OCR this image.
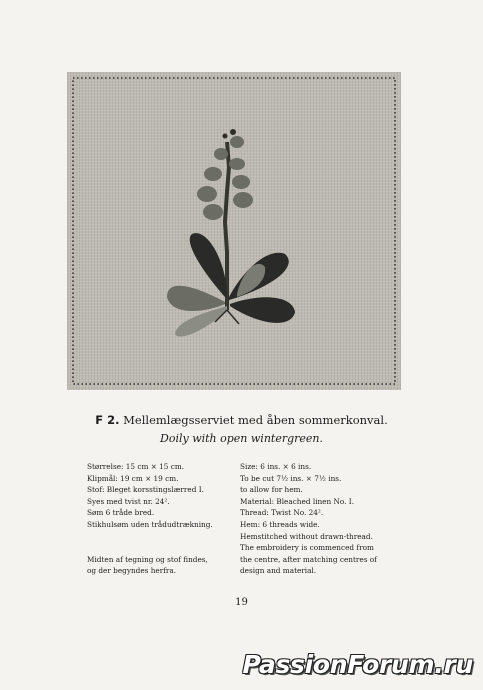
F 2. Mellemlægsserviet med åben sommerkonval.
Doily with open wintergreen.
Størrelse: 15 cm × 15 cm.
Klipmål: 19 cm × 19 cm.
Stof: Bleget korsstingslærred I.
Syes med tvist nr. 24².
Søm 6 tråde bred.
Stikhulsøm uden trådudtrækning.
Midten af tegning og stof findes,
og der begyndes herfra.
Size: 6 ins. × 6 ins.
To be cut 7½ ins. × 7½ ins.
to allow for hem.
Material: Bleached linen No. I.
Thread: Twist No. 24².
Hem: 6 threads wide.
Hemstitched without drawn-thread.
The embroidery is commenced from
the centre, after matching centres of
design and material.
19
PassionForum.ru
